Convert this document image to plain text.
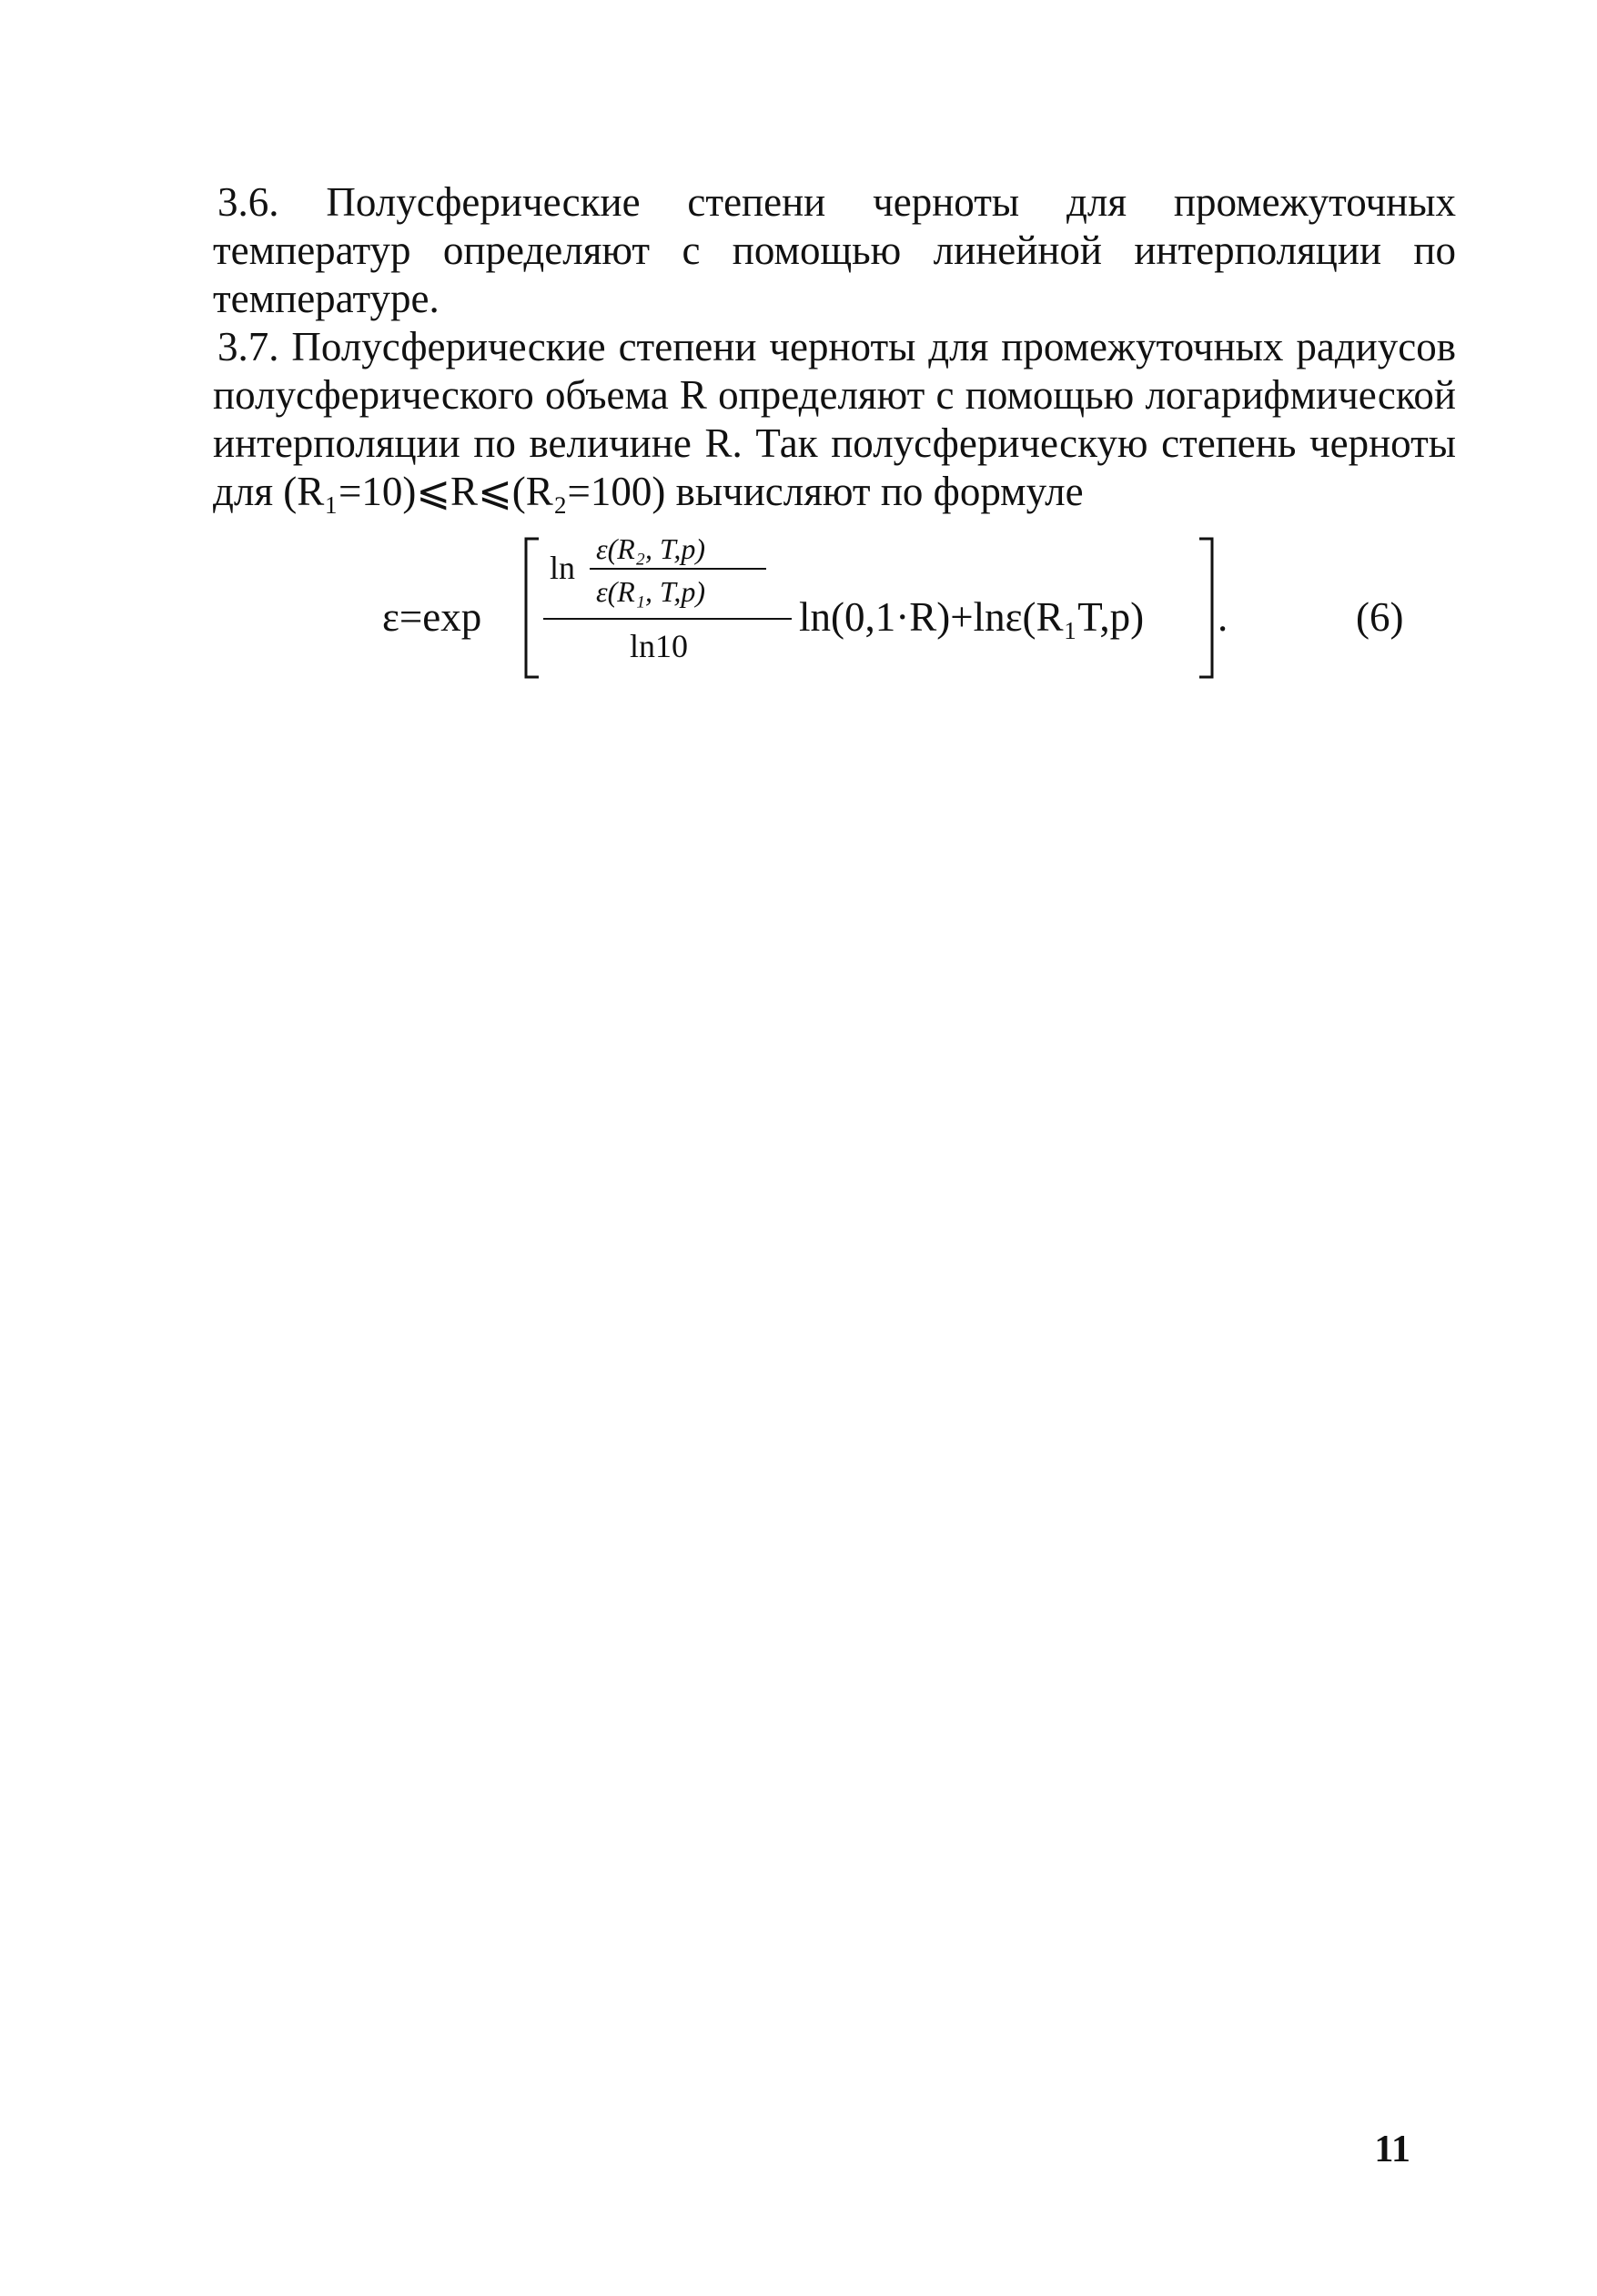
3.6. Полусферические степени черноты для промежуточных температур определяют с помощью линейной интерполяции по температуре.

3.7. Полусферические степени черноты для промежуточных радиусов полусферического объема R определяют с помощью логарифмической интерполяции по величине R. Так полусферическую степень черноты для (R₁=10)⩽R⩽(R₂=100) вычисляют по формуле

ε=exp
ln
ε(R₂, T,p)
ε(R₁, T,p)
ln10
ln(0,1·R)+lnε(R₁T,p) .	(6)
11
